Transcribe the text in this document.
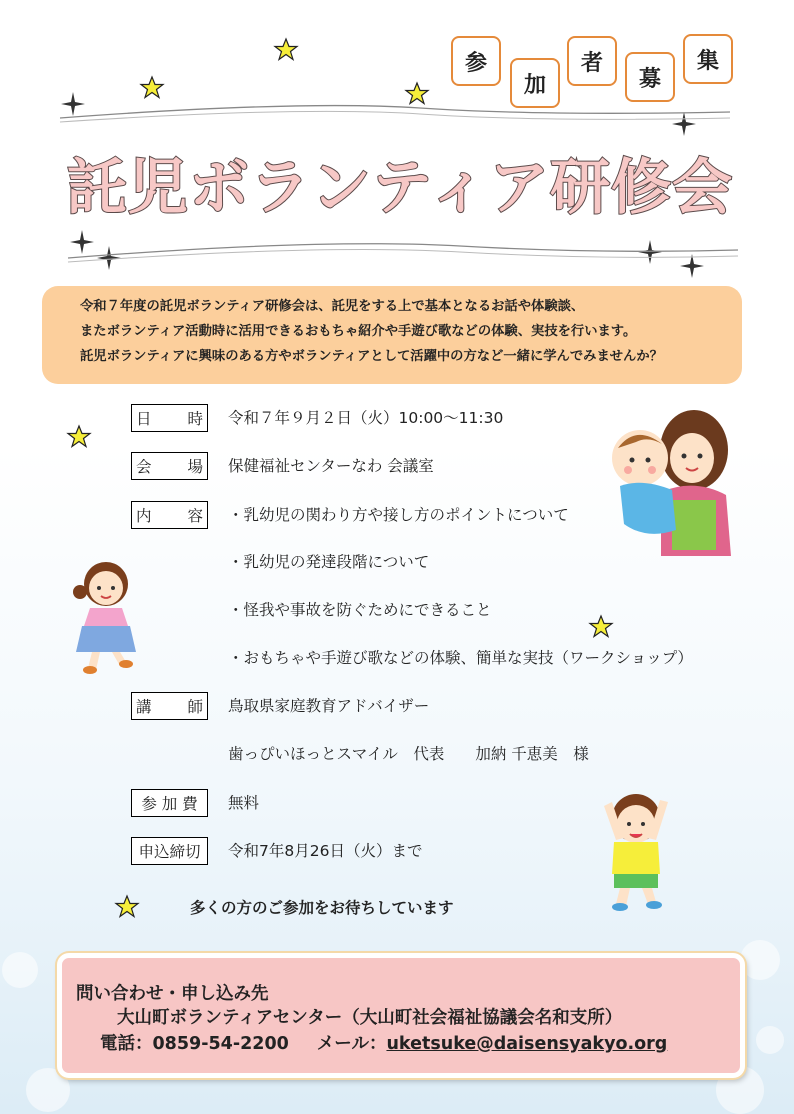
参
加
者
募
集
託児ボランティア研修会
令和７年度の託児ボランティア研修会は、託児をする上で基本となるお話や体験談、
またボランティア活動時に活用できるおもちゃ紹介や手遊び歌などの体験、実技を行います。
託児ボランティアに興味のある方やボランティアとして活躍中の方など一緒に学んでみませんか？
日 時 令和７年９月２日（火）10:00～11:30
会 場 保健福祉センターなわ 会議室
内 容 ・乳幼児の関わり方や接し方のポイントについて
・乳幼児の発達段階について
・怪我や事故を防ぐためにできること
・おもちゃや手遊び歌などの体験、簡単な実技（ワークショップ）
講 師 鳥取県家庭教育アドバイザー
歯っぴいほっとスマイル　代表　　加納 千恵美　様
参 加 費 無料
申込締切 令和7年8月26日（火）まで
多くの方のご参加をお待ちしています
問い合わせ・申し込み先
大山町ボランティアセンター（大山町社会福祉協議会名和支所）
電話：0859-54-2200 メール：uketsuke@daisensyakyo.org
